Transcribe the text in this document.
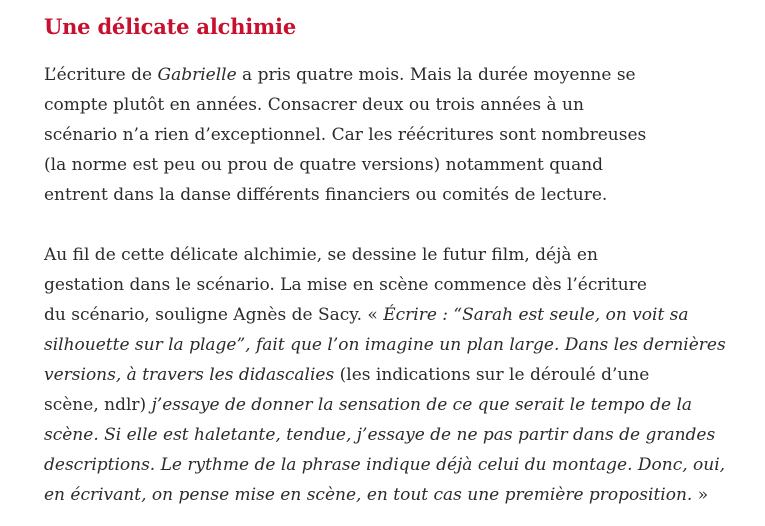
Une délicate alchimie

L’écriture de Gabrielle a pris quatre mois. Mais la durée moyenne se
compte plutôt en années. Consacrer deux ou trois années à un
scénario n’a rien d’exceptionnel. Car les réécritures sont nombreuses
(la norme est peu ou prou de quatre versions) notamment quand
entrent dans la danse différents financiers ou comités de lecture.

Au fil de cette délicate alchimie, se dessine le futur film, déjà en
gestation dans le scénario. La mise en scène commence dès l’écriture
du scénario, souligne Agnès de Sacy. « Écrire : “Sarah est seule, on voit sa
silhouette sur la plage”, fait que l’on imagine un plan large. Dans les dernières
versions, à travers les didascalies (les indications sur le déroulé d’une
scène, ndlr) j’essaye de donner la sensation de ce que serait le tempo de la
scène. Si elle est haletante, tendue, j’essaye de ne pas partir dans de grandes
descriptions. Le rythme de la phrase indique déjà celui du montage. Donc, oui,
en écrivant, on pense mise en scène, en tout cas une première proposition. »
